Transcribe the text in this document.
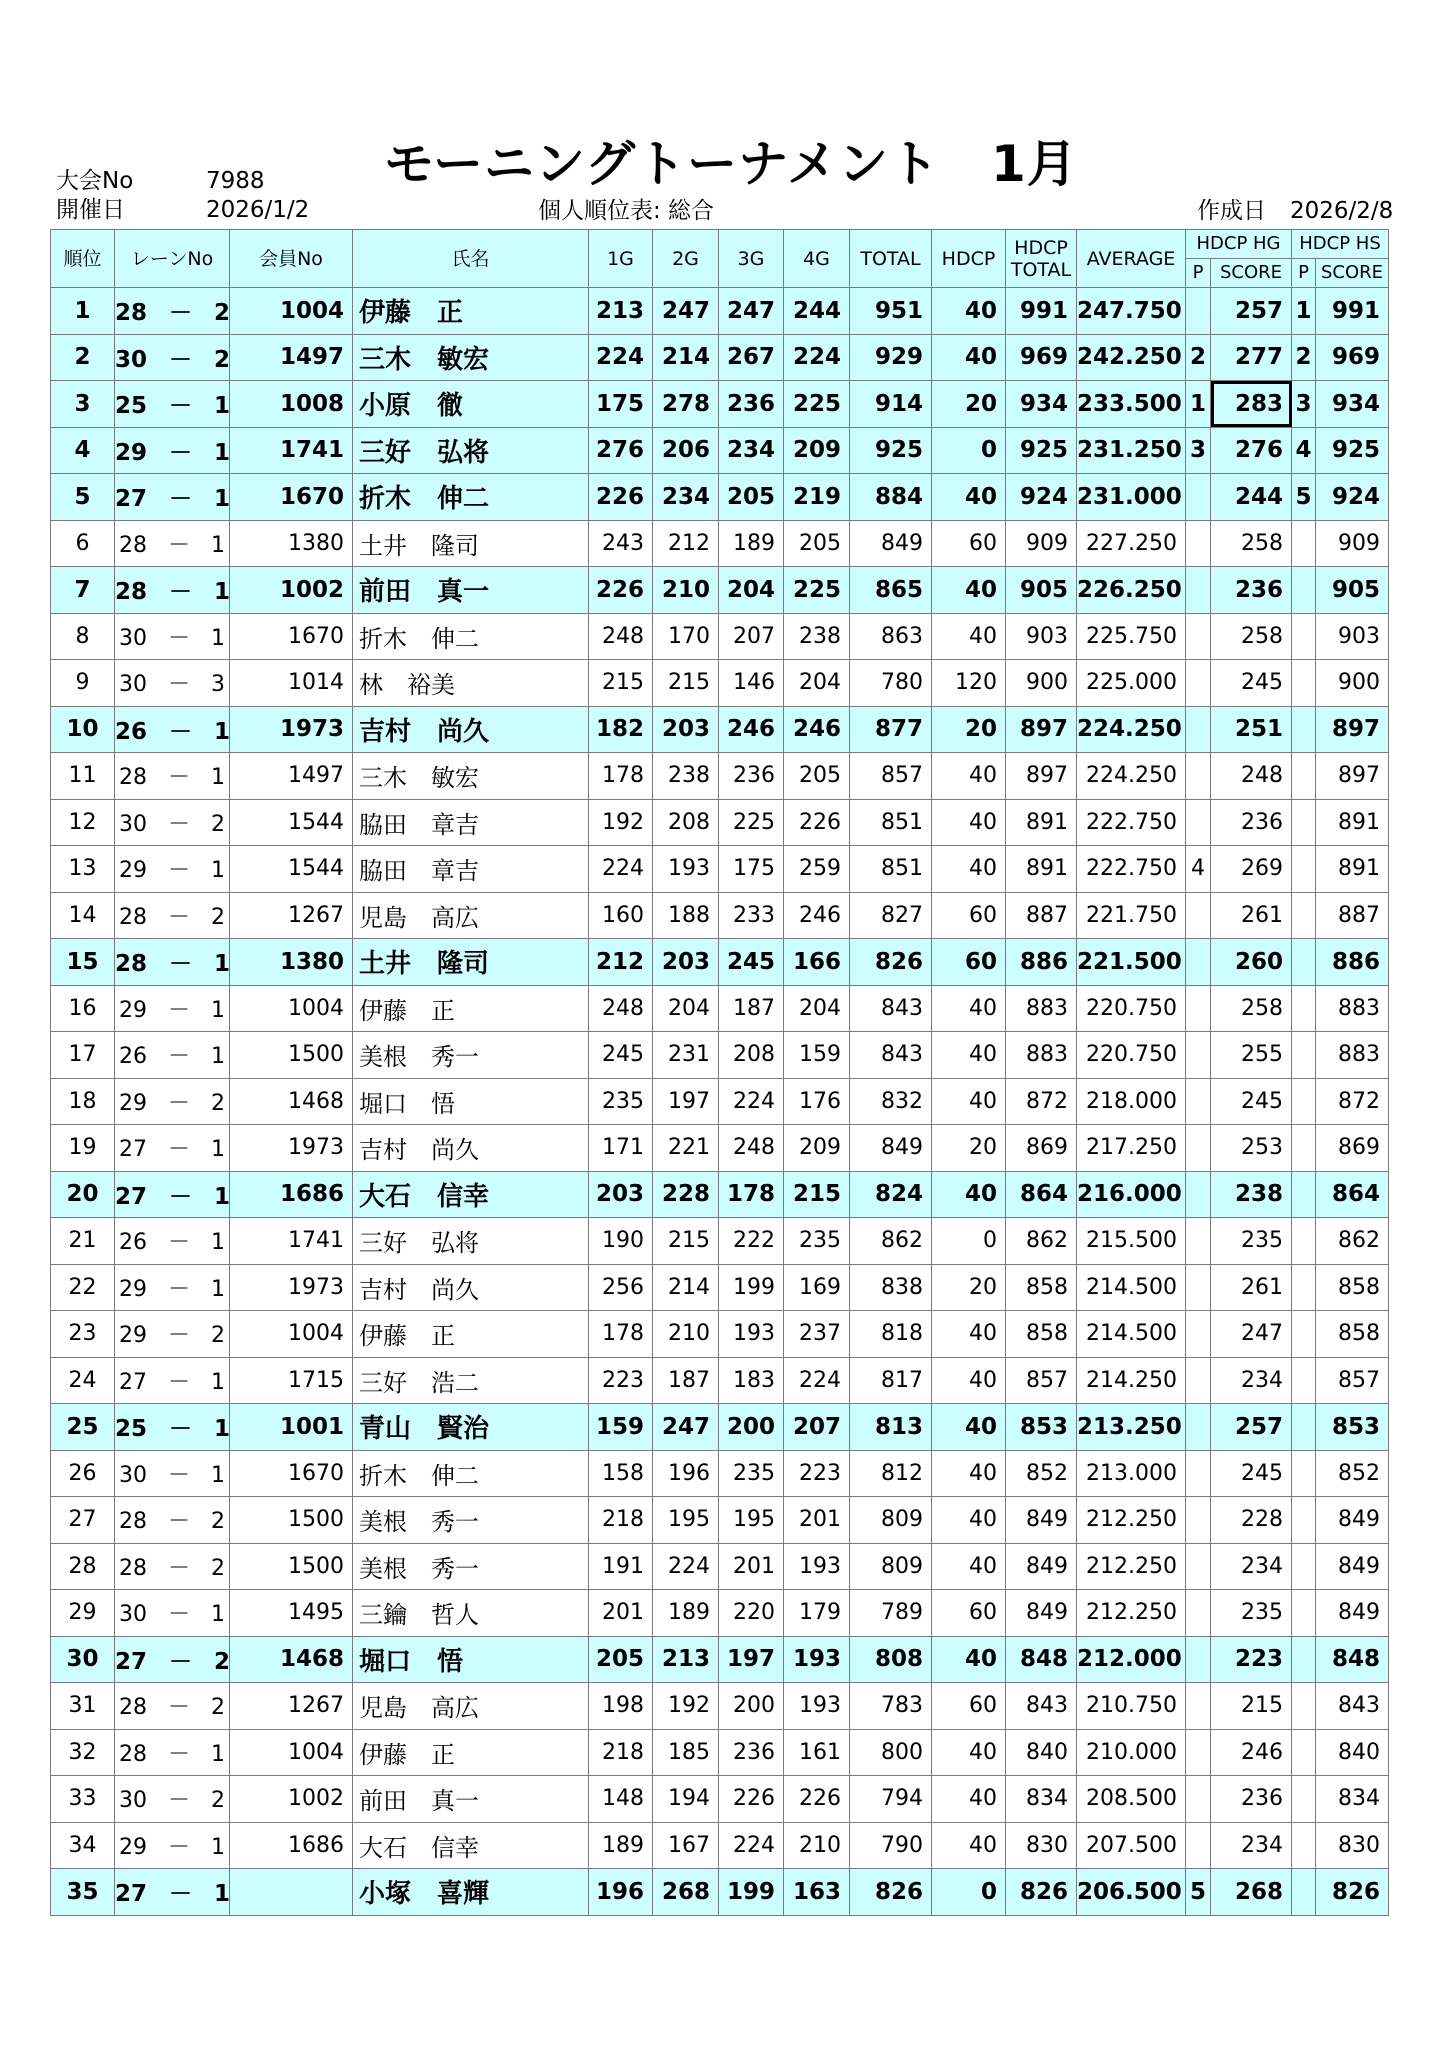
大会No	7988
開催日	2026/1/2
モーニングトーナメント　1月
個人順位表: 総合	作成日 2026/2/8
順位	レーンNo	会員No	氏名	1G	2G	3G	4G	TOTAL	HDCP	HDCP
TOTAL	AVERAGE	HDCP HG		HDCP HS	
												P	SCORE	P	SCORE
1	28 － 2	1004	伊藤　正	213	247	247	244	951	40	991	247.750		257	1	991
2	30 － 2	1497	三木　敏宏	224	214	267	224	929	40	969	242.250	2	277	2	969
3	25 － 1	1008	小原　徹	175	278	236	225	914	20	934	233.500	1	283	3	934
4	29 － 1	1741	三好　弘将	276	206	234	209	925	0	925	231.250	3	276	4	925
5	27 － 1	1670	折木　伸二	226	234	205	219	884	40	924	231.000		244	5	924
6	28 － 1	1380	土井　隆司	243	212	189	205	849	60	909	227.250		258		909
7	28 － 1	1002	前田　真一	226	210	204	225	865	40	905	226.250		236		905
8	30 － 1	1670	折木　伸二	248	170	207	238	863	40	903	225.750		258		903
9	30 － 3	1014	林　裕美	215	215	146	204	780	120	900	225.000		245		900
10	26 － 1	1973	吉村　尚久	182	203	246	246	877	20	897	224.250		251		897
11	28 － 1	1497	三木　敏宏	178	238	236	205	857	40	897	224.250		248		897
12	30 － 2	1544	脇田　章吉	192	208	225	226	851	40	891	222.750		236		891
13	29 － 1	1544	脇田　章吉	224	193	175	259	851	40	891	222.750	4	269		891
14	28 － 2	1267	児島　高広	160	188	233	246	827	60	887	221.750		261		887
15	28 － 1	1380	土井　隆司	212	203	245	166	826	60	886	221.500		260		886
16	29 － 1	1004	伊藤　正	248	204	187	204	843	40	883	220.750		258		883
17	26 － 1	1500	美根　秀一	245	231	208	159	843	40	883	220.750		255		883
18	29 － 2	1468	堀口　悟	235	197	224	176	832	40	872	218.000		245		872
19	27 － 1	1973	吉村　尚久	171	221	248	209	849	20	869	217.250		253		869
20	27 － 1	1686	大石　信幸	203	228	178	215	824	40	864	216.000		238		864
21	26 － 1	1741	三好　弘将	190	215	222	235	862	0	862	215.500		235		862
22	29 － 1	1973	吉村　尚久	256	214	199	169	838	20	858	214.500		261		858
23	29 － 2	1004	伊藤　正	178	210	193	237	818	40	858	214.500		247		858
24	27 － 1	1715	三好　浩二	223	187	183	224	817	40	857	214.250		234		857
25	25 － 1	1001	青山　賢治	159	247	200	207	813	40	853	213.250		257		853
26	30 － 1	1670	折木　伸二	158	196	235	223	812	40	852	213.000		245		852
27	28 － 2	1500	美根　秀一	218	195	195	201	809	40	849	212.250		228		849
28	28 － 2	1500	美根　秀一	191	224	201	193	809	40	849	212.250		234		849
29	30 － 1	1495	三鑰　哲人	201	189	220	179	789	60	849	212.250		235		849
30	27 － 2	1468	堀口　悟	205	213	197	193	808	40	848	212.000		223		848
31	28 － 2	1267	児島　高広	198	192	200	193	783	60	843	210.750		215		843
32	28 － 1	1004	伊藤　正	218	185	236	161	800	40	840	210.000		246		840
33	30 － 2	1002	前田　真一	148	194	226	226	794	40	834	208.500		236		834
34	29 － 1	1686	大石　信幸	189	167	224	210	790	40	830	207.500		234		830
35	27 － 1		小塚　喜輝	196	268	199	163	826	0	826	206.500	5	268		826
